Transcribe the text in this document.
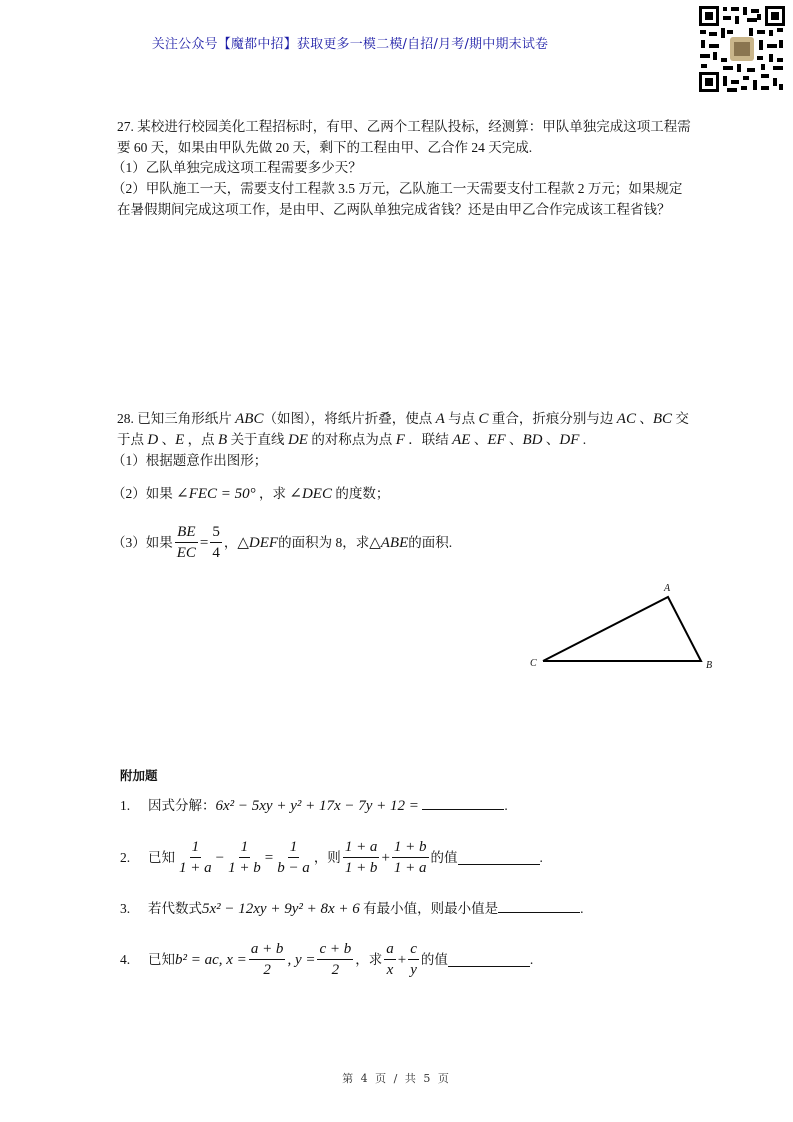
关注公众号【魔都中招】获取更多一模二模/自招/月考/期中期末试卷
27. 某校进行校园美化工程招标时，有甲、乙两个工程队投标，经测算：甲队单独完成这项工程需
要 60 天，如果由甲队先做 20 天，剩下的工程由甲、乙合作 24 天完成.
（1）乙队单独完成这项工程需要多少天？
（2）甲队施工一天，需要支付工程款 3.5 万元，乙队施工一天需要支付工程款 2 万元；如果规定
在暑假期间完成这项工作，是由甲、乙两队单独完成省钱？还是由甲乙合作完成该工程省钱？
28. 已知三角形纸片 ABC（如图），将纸片折叠，使点 A 与点 C 重合，折痕分别与边 AC 、BC 交
于点 D 、E ，点 B 关于直线 DE 的对称点为点 F ．联结 AE 、EF 、BD 、DF .
（1）根据题意作出图形；
（2）如果 ∠FEC = 50° ，求 ∠DEC 的度数；
（3）如果 $\frac{BE}{EC} = \frac{5}{4}$ ， △DEF 的面积为 8，求 △ABE 的面积.
A
B
C
附加题
1. 因式分解：6x² − 5xy + y² + 17x − 7y + 12 =	.
2.	已知 $\frac{1}{1 + a} - \frac{1}{1 + b} = \frac{1}{b - a}$ ，则 $\frac{1 + a}{1 + b} + \frac{1 + b}{1 + a}$ 的值	.
3. 若代数式5x² − 12xy + 9y² + 8x + 6 有最小值，则最小值是	.
4.	已知 b² = ac, $x = \frac{a + b}{2}$ , $y = \frac{c + b}{2}$ ，求 $\frac{a}{x} + \frac{c}{y}$ 的值	.
第 4 页 / 共 5 页
